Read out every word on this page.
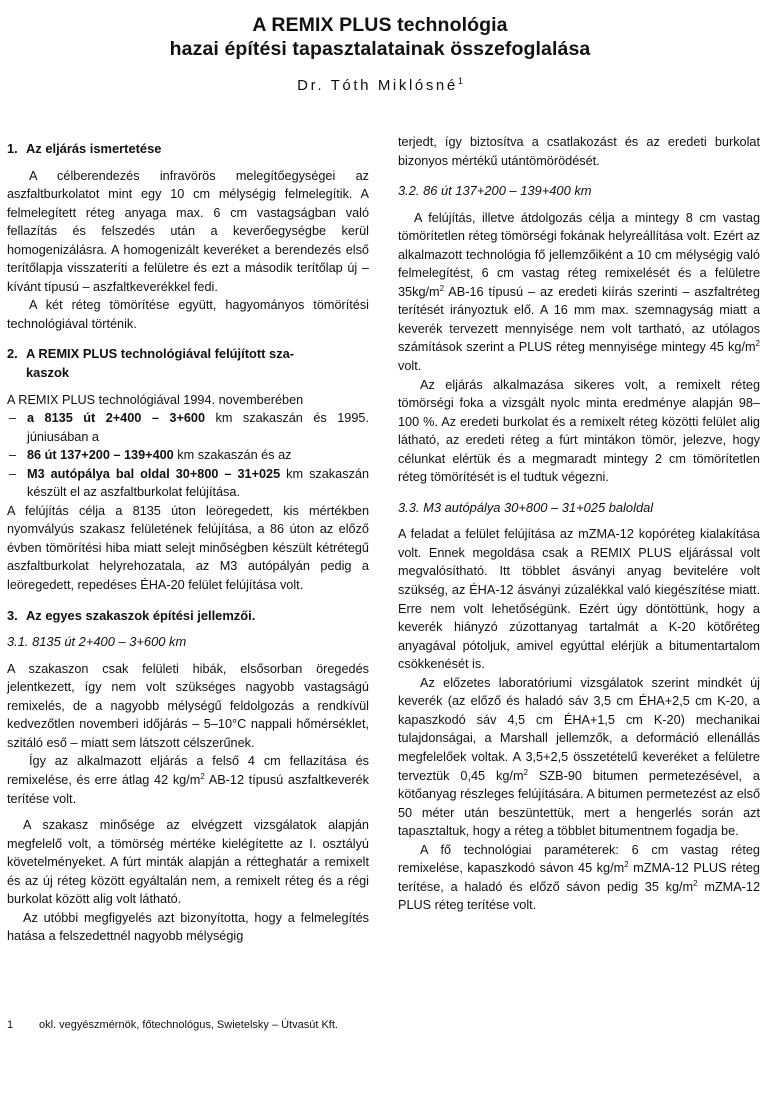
A REMIX PLUS technológia
hazai építési tapasztalatainak összefoglalása
Dr. Tóth Miklósné$^1$

1. Az eljárás ismertetése

A célberendezés infravörös melegítőegységei az aszfaltburkolatot mint egy 10 cm mélységig felmelegítik. A felmelegített réteg anyaga max. 6 cm vastagságban való fellazítás és felszedés után a keverőegységbe kerül homogenizálásra. A homogenizált keveréket a berendezés első terítőlapja visszateríti a felületre és ezt a második terítőlap új – kívánt típusú – aszfaltkeverékkel fedi.

A két réteg tömörítése együtt, hagyományos tömörítési technológiával történik.

2. A REMIX PLUS technológiával felújított sza-

kaszok

A REMIX PLUS technológiával 1994. novemberében

– a 8135 út 2+400 – 3+600 km szakaszán és 1995. júniusában a

– 86 út 137+200 – 139+400 km szakaszán és az

– M3 autópálya bal oldal 30+800 – 31+025 km szakaszán készült el az aszfaltburkolat felújítása.

A felújítás célja a 8135 úton leöregedett, kis mértékben nyomvályús szakasz felületének felújítása, a 86 úton az előző évben tömörítési hiba miatt selejt minőségben készült kétrétegű aszfaltburkolat helyrehozatala, az M3 autópályán pedig a leöregedett, repedéses ÉHA-20 felület felújítása volt.

3. Az egyes szakaszok építési jellemzői.

3.1. 8135 út 2+400 – 3+600 km

A szakaszon csak felületi hibák, elsősorban öregedés jelentkezett, így nem volt szükséges nagyobb vastagságú remixelés, de a nagyobb mélységű feldolgozás a rendkívül kedvezőtlen novemberi időjárás – 5–10°C nappali hőmérséklet, szitáló eső – miatt sem látszott célszerűnek.

Így az alkalmazott eljárás a felső 4 cm fellazítása és remixelése, és erre átlag 42 $kg/m^2$ AB-12 típusú aszfaltkeverék terítése volt.

A szakasz minősége az elvégzett vizsgálatok alapján megfelelő volt, a tömörség mértéke kielégítette az I. osztályú követelményeket. A fúrt minták alapján a rétteghatár a remixelt és az új réteg között egyáltalán nem, a remixelt réteg és a régi burkolat között alig volt látható.

Az utóbbi megfigyelés azt bizonyította, hogy a felmelegítés hatása a felszedettnél nagyobb mélységig

terjedt, így biztosítva a csatlakozást és az eredeti burkolat bizonyos mértékű utántömörödését.

3.2. 86 út 137+200 – 139+400 km

A felújítás, illetve átdolgozás célja a mintegy 8 cm vastag tömörítetlen réteg tömörségi fokának helyreállítása volt. Ezért az alkalmazott technológia fő jellemzőiként a 10 cm mélységig való felmelegítést, 6 cm vastag réteg remixelését és a felületre $35kg/m^2$ AB-16 típusú – az eredeti kiírás szerinti – aszfaltréteg terítését irányoztuk elő. A 16 mm max. szemnagyság miatt a keverék tervezett mennyisége nem volt tartható, az utólagos számítások szerint a PLUS réteg mennyisége mintegy 45 $kg/m^2$ volt.

Az eljárás alkalmazása sikeres volt, a remixelt réteg tömörségi foka a vizsgált nyolc minta eredménye alapján 98–100 %. Az eredeti burkolat és a remixelt réteg közötti felület alig látható, az eredeti réteg a fúrt mintákon tömör, jelezve, hogy célunkat elértük és a megmaradt mintegy 2 cm tömörítetlen réteg tömörítését is el tudtuk végezni.

3.3. M3 autópálya 30+800 – 31+025 baloldal

A feladat a felület felújítása az mZMA-12 kopóréteg kialakítása volt. Ennek megoldása csak a REMIX PLUS eljárással volt megvalósítható. Itt többlet ásványi anyag bevitelére volt szükség, az ÉHA-12 ásványi zúzalékkal való kiegészítése miatt. Erre nem volt lehetőségünk. Ezért úgy döntöttünk, hogy a keverék hiányzó zúzottanyag tartalmát a K-20 kötőréteg anyagával pótoljuk, amivel egyúttal elérjük a bitumentartalom csökkenését is.

Az előzetes laboratóriumi vizsgálatok szerint mindkét új keverék (az előző és haladó sáv 3,5 cm ÉHA+2,5 cm K-20, a kapaszkodó sáv 4,5 cm ÉHA+1,5 cm K-20) mechanikai tulajdonságai, a Marshall jellemzők, a deformáció ellenállás megfelelőek voltak. A 3,5+2,5 összetételű keveréket a felületre terveztük 0,45 $kg/m^2$ SZB-90 bitumen permetezésével, a kötőanyag részleges felújítására. A bitumen permetezést az első 50 méter után beszüntettük, mert a hengerlés során azt tapasztaltuk, hogy a réteg a többlet bitumentnem fogadja be.

A fő technológiai paraméterek: 6 cm vastag réteg remixelése, kapaszkodó sávon 45 $kg/m^2$ mZMA-12 PLUS réteg terítése, a haladó és előző sávon pedig 35 $kg/m^2$ mZMA-12 PLUS réteg terítése volt.

1 okl. vegyészmérnök, főtechnológus, Swietelsky – Útvasút Kft.
